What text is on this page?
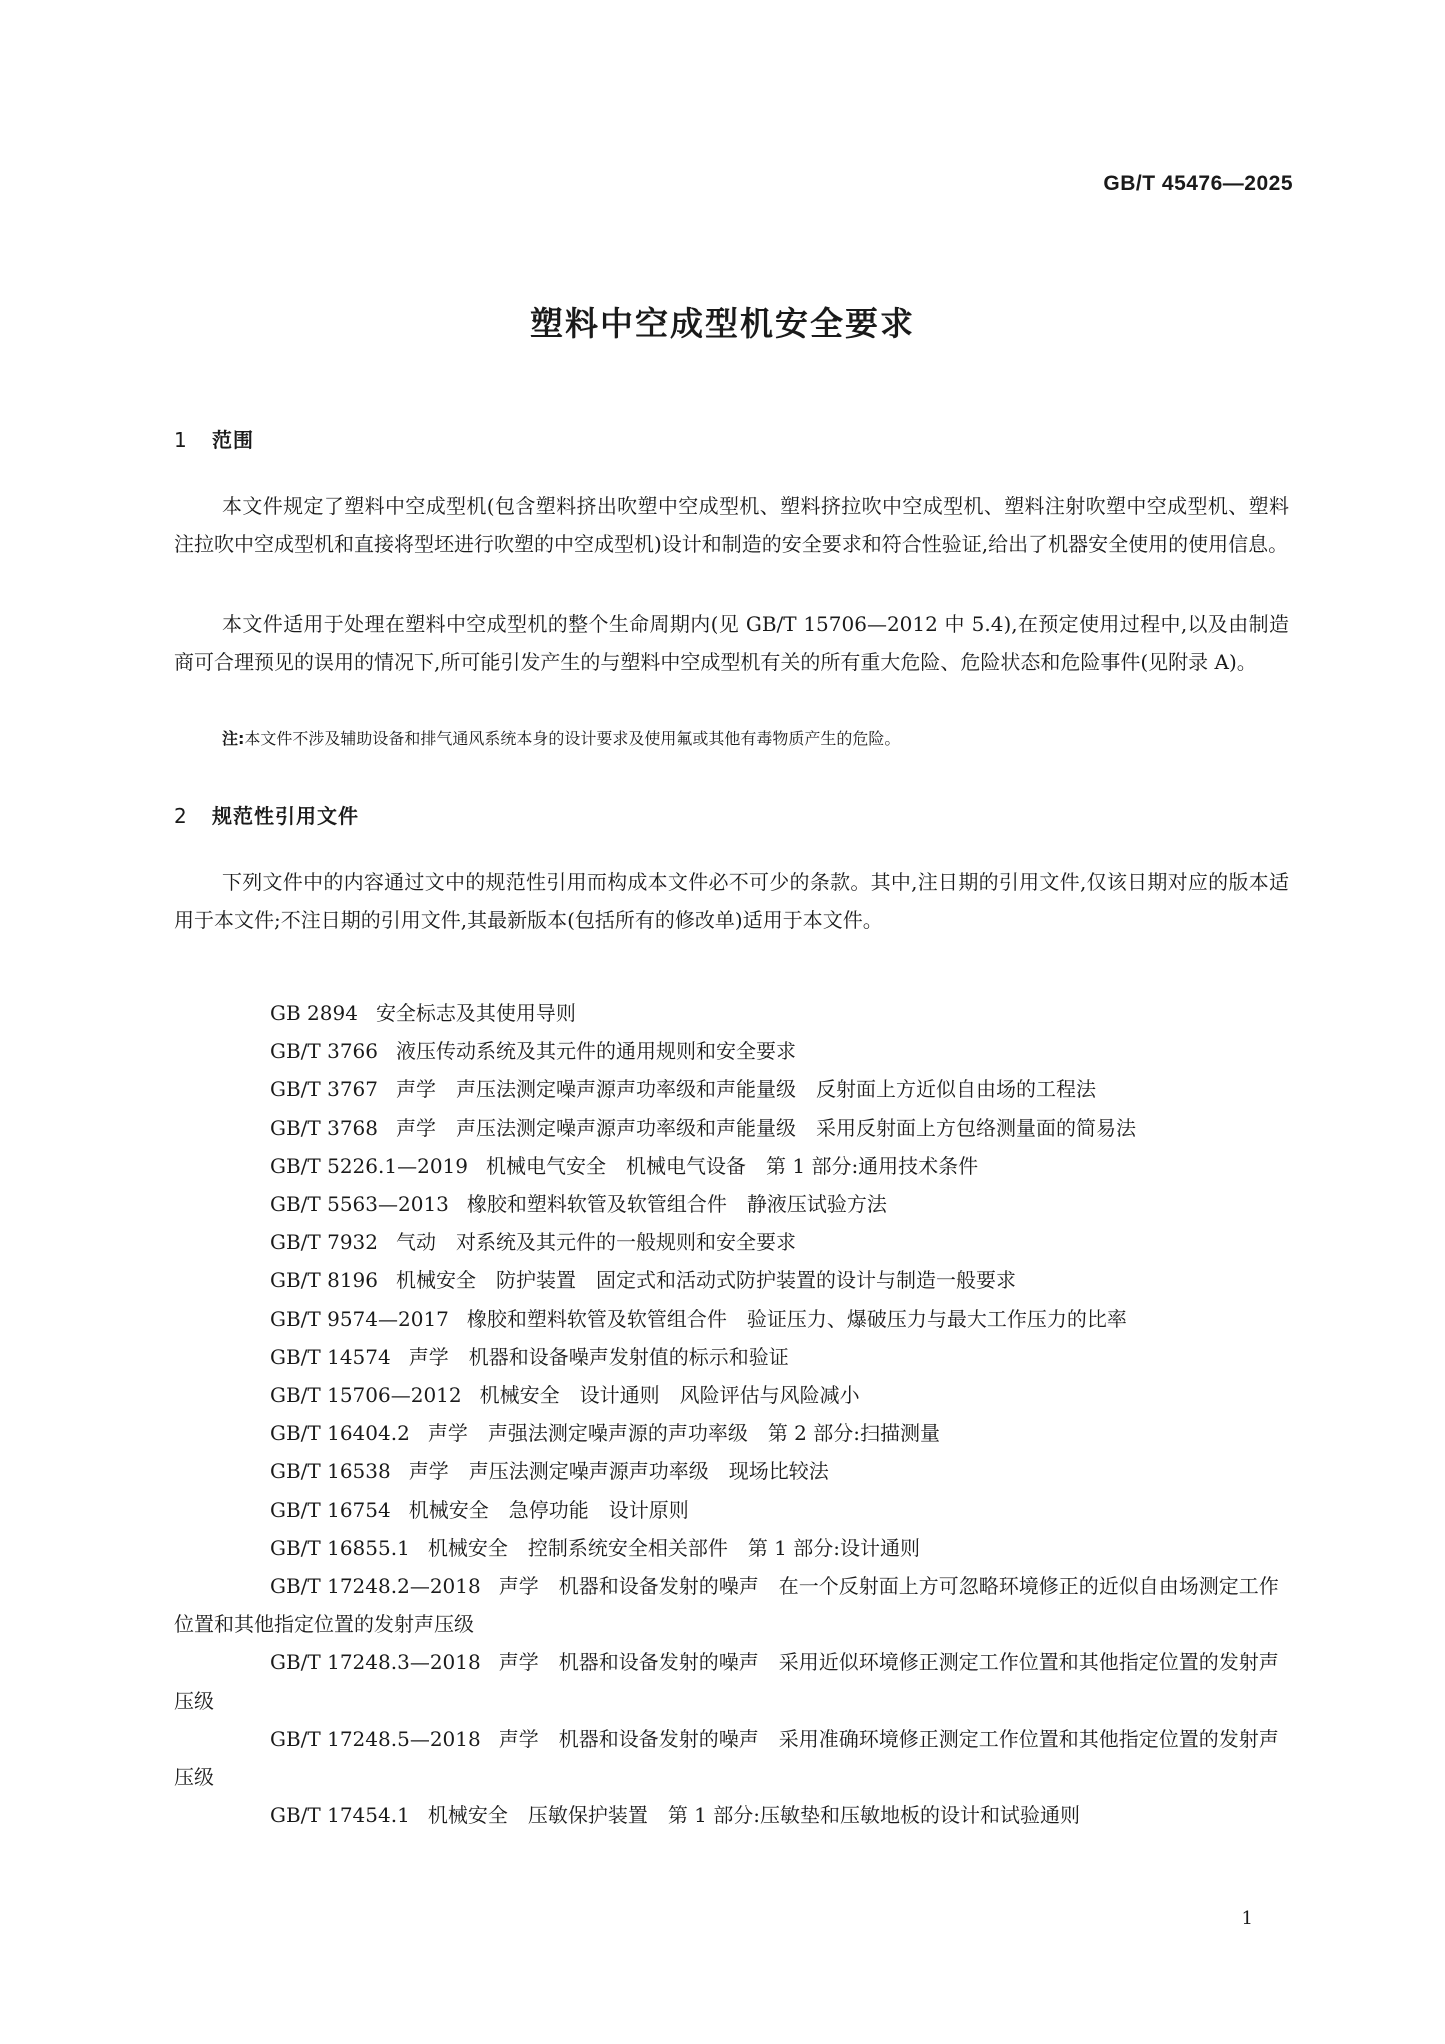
GB/T 45476—2025
塑料中空成型机安全要求
1 范围

本文件规定了塑料中空成型机(包含塑料挤出吹塑中空成型机、塑料挤拉吹中空成型机、塑料注射吹塑中空成型机、塑料注拉吹中空成型机和直接将型坯进行吹塑的中空成型机)设计和制造的安全要求和符合性验证,给出了机器安全使用的使用信息。

本文件适用于处理在塑料中空成型机的整个生命周期内(见 GB/T 15706—2012 中 5.4),在预定使用过程中,以及由制造商可合理预见的误用的情况下,所可能引发产生的与塑料中空成型机有关的所有重大危险、危险状态和危险事件(见附录 A)。

注:本文件不涉及辅助设备和排气通风系统本身的设计要求及使用氟或其他有毒物质产生的危险。
2 规范性引用文件

下列文件中的内容通过文中的规范性引用而构成本文件必不可少的条款。其中,注日期的引用文件,仅该日期对应的版本适用于本文件;不注日期的引用文件,其最新版本(包括所有的修改单)适用于本文件。

GB 2894 安全标志及其使用导则
GB/T 3766 液压传动系统及其元件的通用规则和安全要求
GB/T 3767 声学　声压法测定噪声源声功率级和声能量级　反射面上方近似自由场的工程法
GB/T 3768 声学　声压法测定噪声源声功率级和声能量级　采用反射面上方包络测量面的简易法
GB/T 5226.1—2019 机械电气安全　机械电气设备　第 1 部分:通用技术条件
GB/T 5563—2013 橡胶和塑料软管及软管组合件　静液压试验方法
GB/T 7932 气动　对系统及其元件的一般规则和安全要求
GB/T 8196 机械安全　防护装置　固定式和活动式防护装置的设计与制造一般要求
GB/T 9574—2017 橡胶和塑料软管及软管组合件　验证压力、爆破压力与最大工作压力的比率
GB/T 14574 声学　机器和设备噪声发射值的标示和验证
GB/T 15706—2012 机械安全　设计通则　风险评估与风险减小
GB/T 16404.2 声学　声强法测定噪声源的声功率级　第 2 部分:扫描测量
GB/T 16538 声学　声压法测定噪声源声功率级　现场比较法
GB/T 16754 机械安全　急停功能　设计原则
GB/T 16855.1 机械安全　控制系统安全相关部件　第 1 部分:设计通则
GB/T 17248.2—2018 声学　机器和设备发射的噪声　在一个反射面上方可忽略环境修正的近似自由场测定工作位置和其他指定位置的发射声压级
GB/T 17248.3—2018 声学　机器和设备发射的噪声　采用近似环境修正测定工作位置和其他指定位置的发射声压级
GB/T 17248.5—2018 声学　机器和设备发射的噪声　采用准确环境修正测定工作位置和其他指定位置的发射声压级
GB/T 17454.1 机械安全　压敏保护装置　第 1 部分:压敏垫和压敏地板的设计和试验通则
1
